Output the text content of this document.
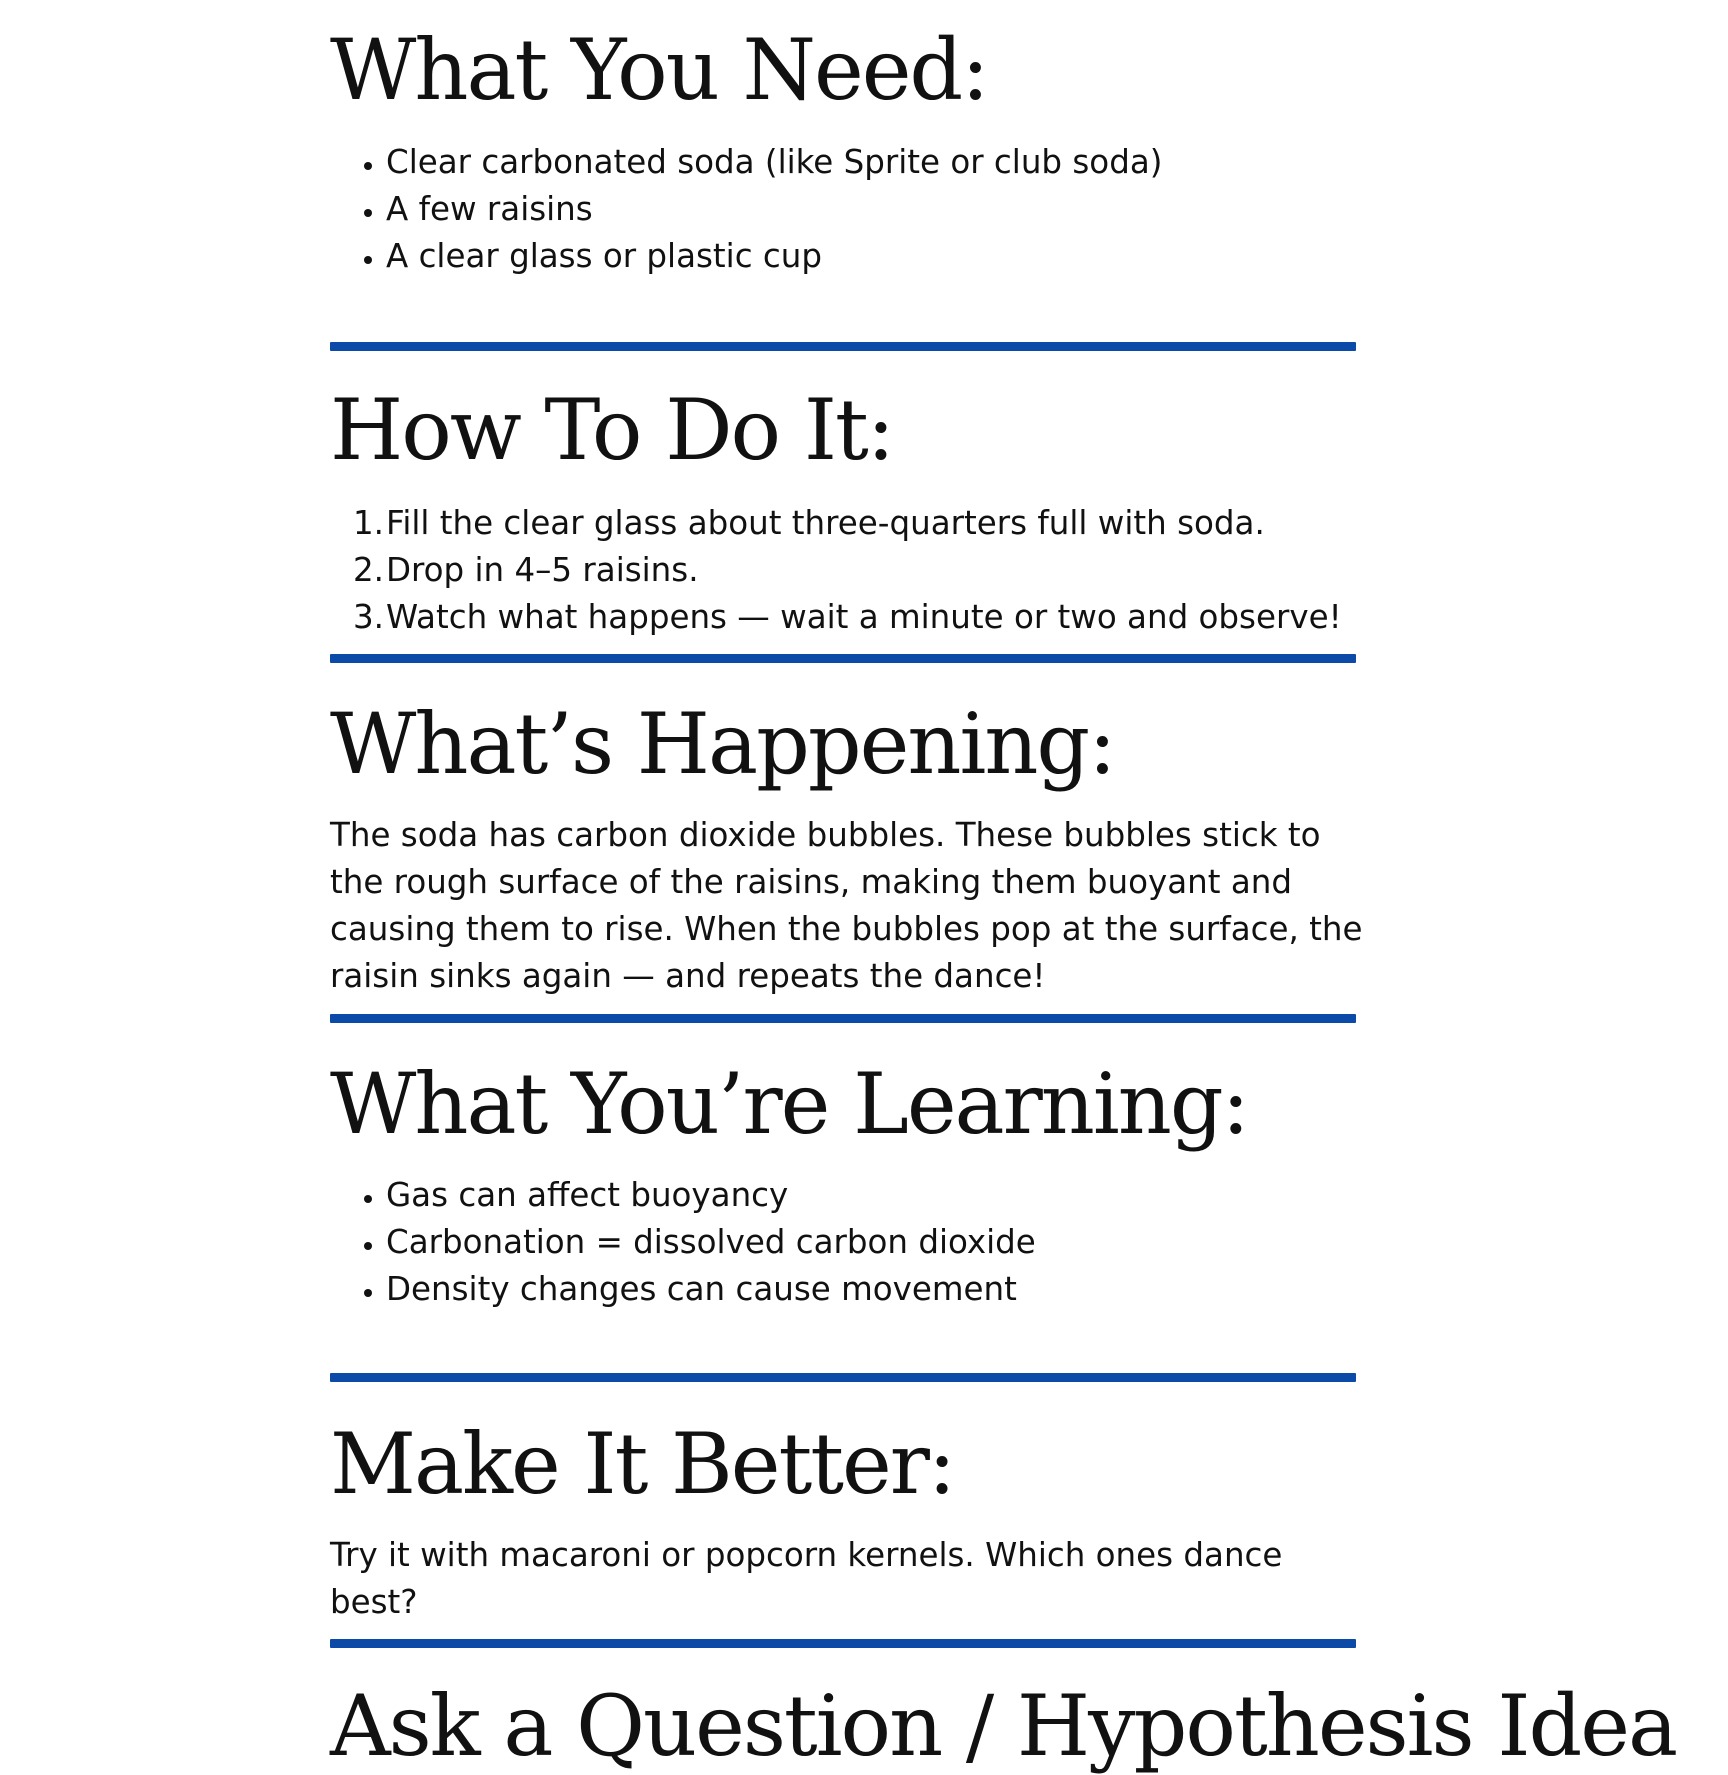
What You Need:
• Clear carbonated soda (like Sprite or club soda)
• A few raisins
• A clear glass or plastic cup
How To Do It:
Fill the clear glass about three-quarters full with soda.
Drop in 4–5 raisins.
Watch what happens — wait a minute or two and observe!
What’s Happening:

The soda has carbon dioxide bubbles. These bubbles stick to the rough surface of the raisins, making them buoyant and causing them to rise. When the bubbles pop at the surface, the raisin sinks again — and repeats the dance!

What You’re Learning:
• Gas can affect buoyancy
• Carbonation = dissolved carbon dioxide
• Density changes can cause movement
Make It Better:

Try it with macaroni or popcorn kernels. Which ones dance best?

Ask a Question / Hypothesis Idea
